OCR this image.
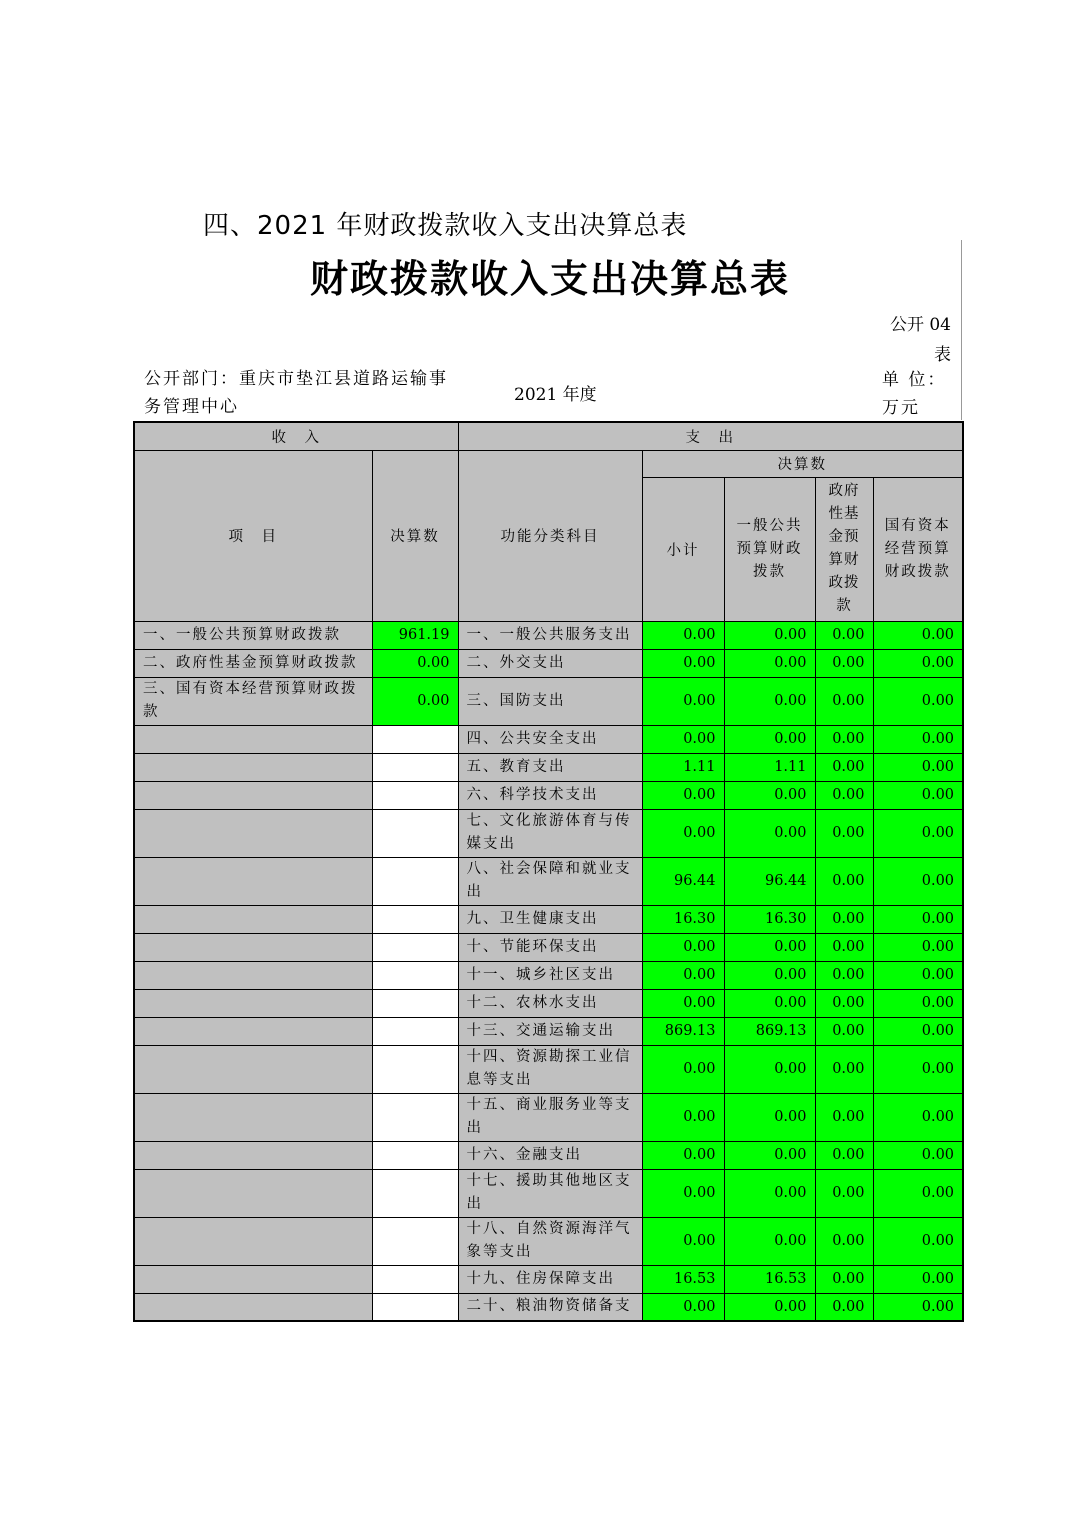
四、2021 年财政拨款收入支出决算总表
财政拨款收入支出决算总表
公开 04 表
公开部门：重庆市垫江县道路运输事务管理中心
2021 年度
单 位： 万元
收　入		支　出				
项　目	决算数	功能分类科目	决算数			
			小计	一般公共预算财政拨款	政府性基金预算财政拨款	国有资本经营预算财政拨款
一、一般公共预算财政拨款	961.19	一、一般公共服务支出	0.00	0.00	0.00	0.00
二、政府性基金预算财政拨款	0.00	二、外交支出	0.00	0.00	0.00	0.00
三、国有资本经营预算财政拨款	0.00	三、国防支出	0.00	0.00	0.00	0.00
		四、公共安全支出	0.00	0.00	0.00	0.00
		五、教育支出	1.11	1.11	0.00	0.00
		六、科学技术支出	0.00	0.00	0.00	0.00
		七、文化旅游体育与传媒支出	0.00	0.00	0.00	0.00
		八、社会保障和就业支出	96.44	96.44	0.00	0.00
		九、卫生健康支出	16.30	16.30	0.00	0.00
		十、节能环保支出	0.00	0.00	0.00	0.00
		十一、城乡社区支出	0.00	0.00	0.00	0.00
		十二、农林水支出	0.00	0.00	0.00	0.00
		十三、交通运输支出	869.13	869.13	0.00	0.00
		十四、资源勘探工业信息等支出	0.00	0.00	0.00	0.00
		十五、商业服务业等支出	0.00	0.00	0.00	0.00
		十六、金融支出	0.00	0.00	0.00	0.00
		十七、援助其他地区支出	0.00	0.00	0.00	0.00
		十八、自然资源海洋气象等支出	0.00	0.00	0.00	0.00
		十九、住房保障支出	16.53	16.53	0.00	0.00
		二十、粮油物资储备支	0.00	0.00	0.00	0.00
